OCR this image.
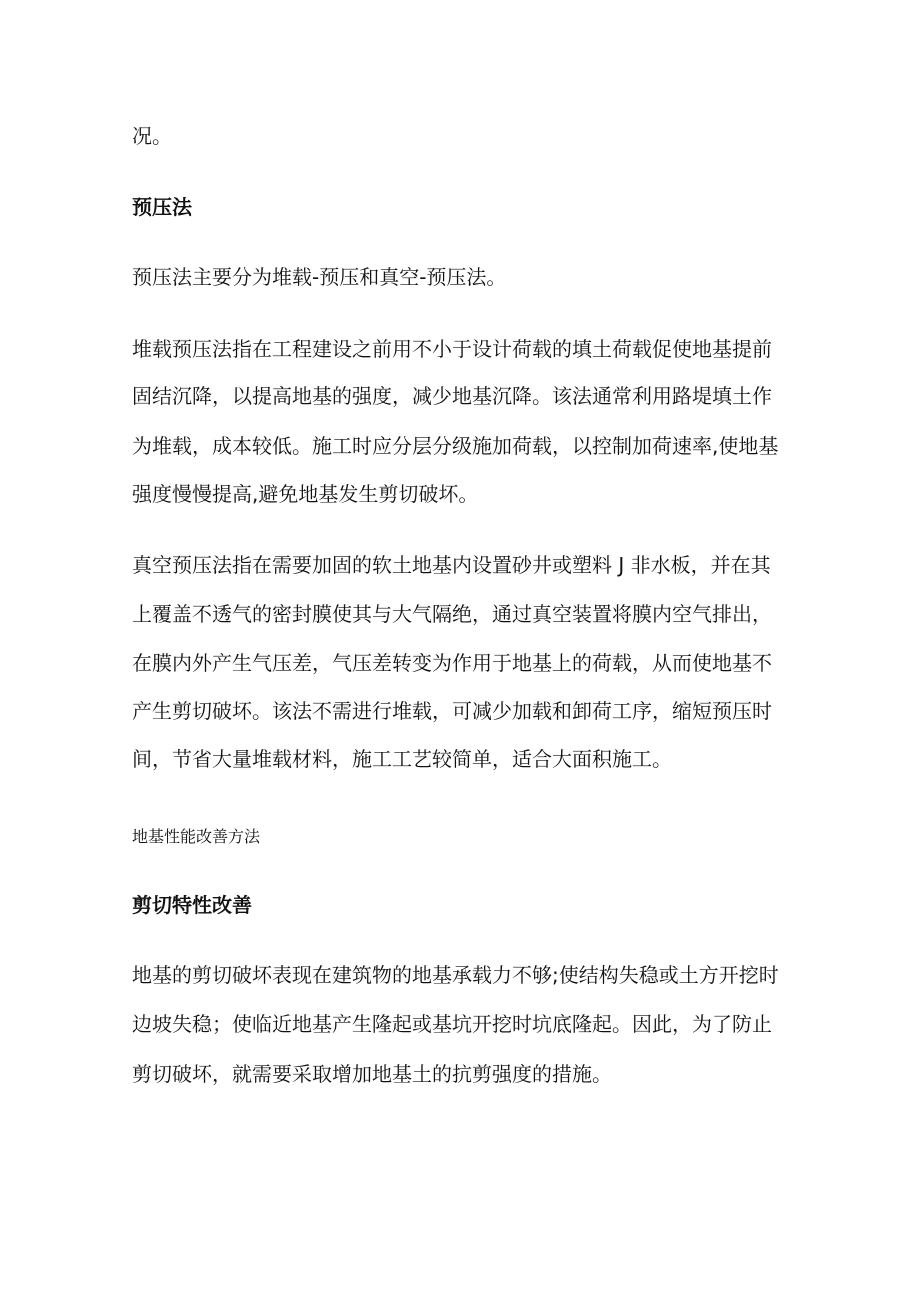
况。
预压法
预压法主要分为堆载-预压和真空-预压法。
堆载预压法指在工程建设之前用不小于设计荷载的填土荷载促使地基提前
固结沉降，以提高地基的强度，减少地基沉降。该法通常利用路堤填土作
为堆载，成本较低。施工时应分层分级施加荷载，以控制加荷速率,使地基
强度慢慢提高,避免地基发生剪切破坏。
真空预压法指在需要加固的软土地基内设置砂井或塑料 J 非水板，并在其
上覆盖不透气的密封膜使其与大气隔绝，通过真空装置将膜内空气排出，
在膜内外产生气压差，气压差转变为作用于地基上的荷载，从而使地基不
产生剪切破坏。该法不需进行堆载，可减少加载和卸荷工序，缩短预压时
间，节省大量堆载材料，施工工艺较简单，适合大面积施工。
地基性能改善方法
剪切特性改善
地基的剪切破坏表现在建筑物的地基承载力不够;使结构失稳或土方开挖时
边坡失稳；使临近地基产生隆起或基坑开挖时坑底隆起。因此，为了防止
剪切破坏，就需要采取增加地基土的抗剪强度的措施。
